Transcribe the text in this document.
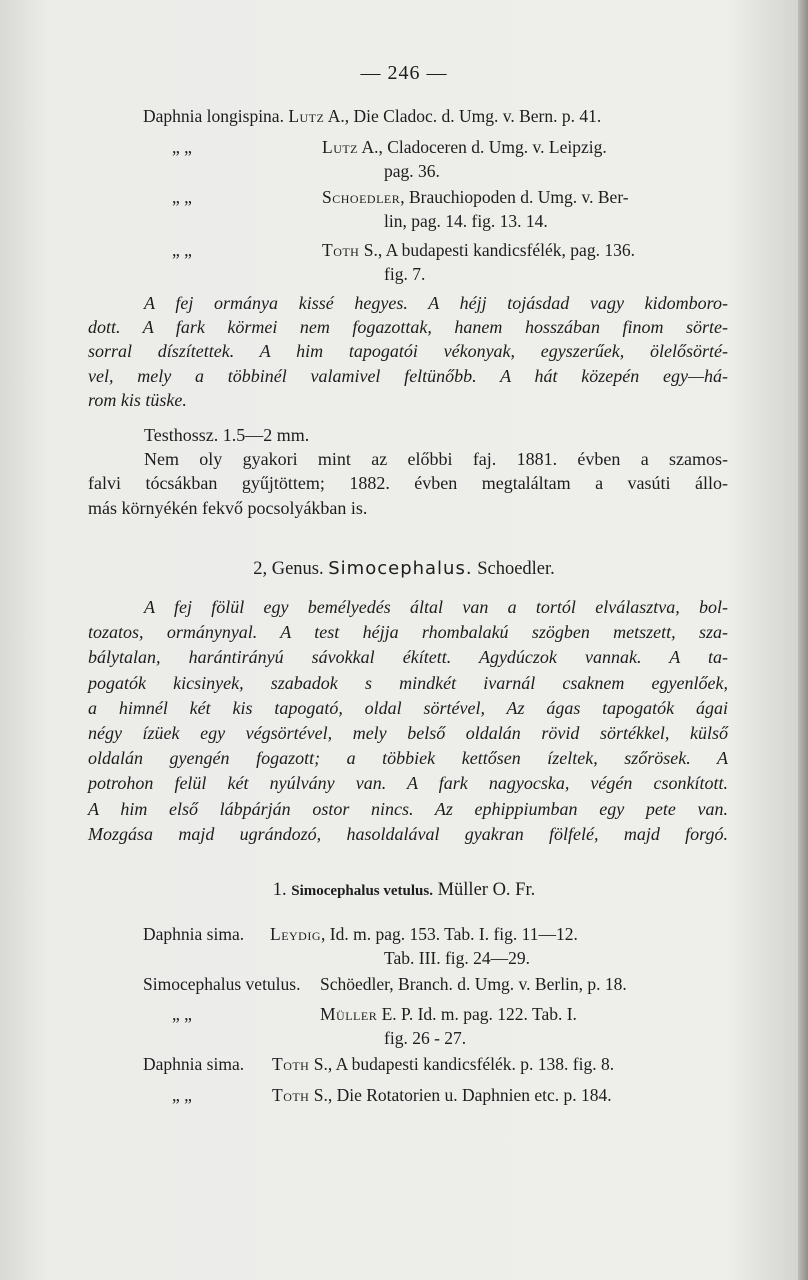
— 246 —
Daphnia longispina. Lutz A., Die Cladoc. d. Umg. v. Bern. p. 41.
„ „	Lutz A., Cladoceren d. Umg. v. Leipzig.
pag. 36.
„ „	Schoedler, Brauchiopoden d. Umg. v. Ber-
lin, pag. 14. fig. 13. 14.
„ „	Toth S., A budapesti kandicsfélék, pag. 136.
fig. 7.
A fej ormánya kissé hegyes. A héjj tojásdad vagy kidomboro-
dott. A fark körmei nem fogazottak, hanem hosszában finom sörte-
sorral díszítettek. A him tapogatói vékonyak, egyszerűek, ölelősörté-
vel, mely a többinél valamivel feltünőbb. A hát közepén egy—há-
rom kis tüske.
Testhossz. 1.5—2 mm.
Nem oly gyakori mint az előbbi faj. 1881. évben a szamos-
falvi tócsákban gyűjtöttem; 1882. évben megtaláltam a vasúti állo-
más környékén fekvő pocsolyákban is.
2, Genus. Simocephalus. Schoedler.
A fej fölül egy bemélyedés által van a tortól elválasztva, bol-
tozatos, ormánynyal. A test héjja rhombalakú szögben metszett, sza-
bálytalan, harántirányú sávokkal ékített. Agydúczok vannak. A ta-
pogatók kicsinyek, szabadok s mindkét ivarnál csaknem egyenlőek,
a himnél két kis tapogató, oldal sörtével, Az ágas tapogatók ágai
négy ízüek egy végsörtével, mely belső oldalán rövid sörtékkel, külső
oldalán gyengén fogazott; a többiek kettősen ízeltek, szőrösek. A
potrohon felül két nyúlvány van. A fark nagyocska, végén csonkított.
A him első lábpárján ostor nincs. Az ephippiumban egy pete van.
Mozgása majd ugrándozó, hasoldalával gyakran fölfelé, majd forgó.
1. Simocephalus vetulus. Müller O. Fr.
Daphnia sima. Leydig, Id. m. pag. 153. Tab. I. fig. 11—12.
Tab. III. fig. 24—29.
Simocephalus vetulus. Schöedler, Branch. d. Umg. v. Berlin, p. 18.
„ „	Müller E. P. Id. m. pag. 122. Tab. I.
fig. 26 - 27.
Daphnia sima. Toth S., A budapesti kandicsfélék. p. 138. fig. 8.
„ „	Toth S., Die Rotatorien u. Daphnien etc. p. 184.
